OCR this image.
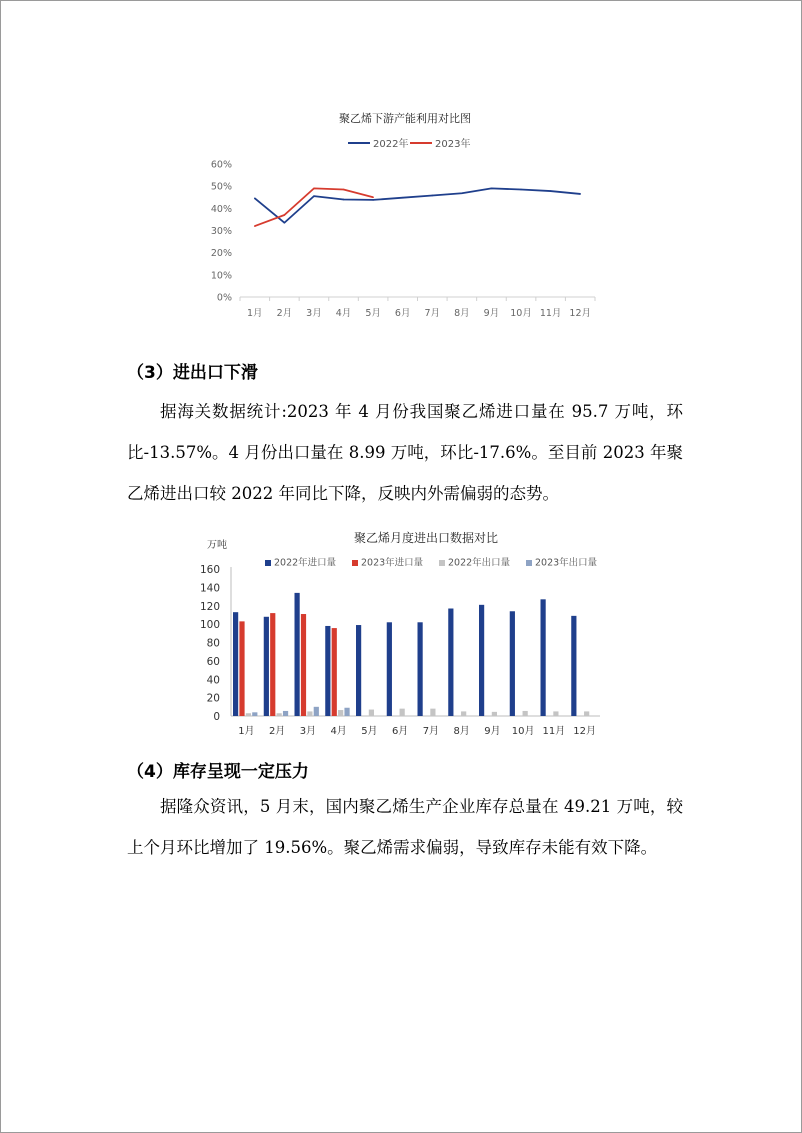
聚乙烯下游产能利用对比图
2022年	2023年
0%
10%
20%
30%
40%
50%
60%
1月 2月 3月 4月 5月 6月 7月 8月 9月 10月 11月 12月
（3）进出口下滑

据海关数据统计:2023 年 4 月份我国聚乙烯进口量在 95.7 万吨，环比-13.57%。4 月份出口量在 8.99 万吨，环比-17.6%。至目前 2023 年聚乙烯进出口较 2022 年同比下降，反映内外需偏弱的态势。

聚乙烯月度进出口数据对比
万吨
2022年进口量	2023年进口量	2022年出口量	2023年出口量
0
20
40
60
80
100
120
140
160
1月 2月 3月 4月 5月 6月 7月 8月 9月 10月 11月 12月
（4）库存呈现一定压力

据隆众资讯，5 月末，国内聚乙烯生产企业库存总量在 49.21 万吨，较上个月环比增加了 19.56%。聚乙烯需求偏弱，导致库存未能有效下降。
